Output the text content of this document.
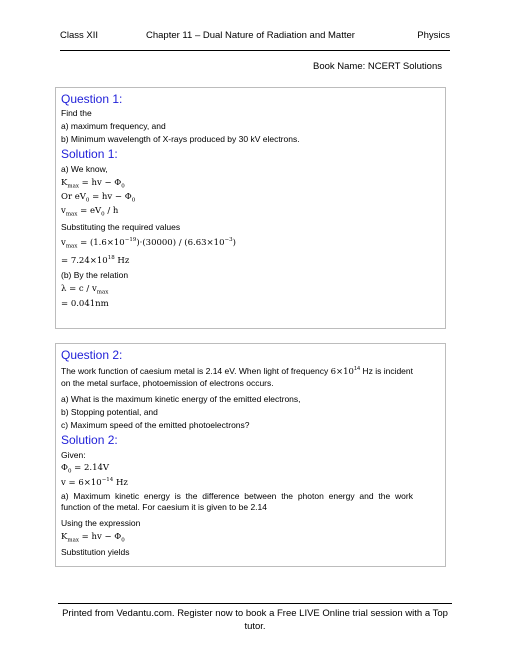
Class XII	Chapter 11 – Dual Nature of Radiation and Matter	Physics
Book Name: NCERT Solutions
Question 1:
Find the
a) maximum frequency, and
b) Minimum wavelength of X-rays produced by 30 kV electrons.
Solution 1:
a) We know,
$K_{max}$ = hv − $\Phi_0$
Or $eV_0$ = hv − $\Phi_0$
$v_{max} = eV_0 / h$
Substituting the required values
$v_{max} = (1.6\times 10^{-19})\cdot(30000) / (6.63\times 10^{-3})$
= $7.24\times 10^{18}$ Hz
(b) By the relation
$\lambda = c / v_{max}$
= 0.041nm
Question 2:
The work function of caesium metal is 2.14 eV. When light of frequency $6\times 10^{14}$ Hz is incident on the metal surface, photoemission of electrons occurs.
a) What is the maximum kinetic energy of the emitted electrons,
b) Stopping potential, and
c) Maximum speed of the emitted photoelectrons?
Solution 2:
Given:
$\Phi_0 = 2.14V$
$v = 6\times 10^{-14}$ Hz
a) Maximum kinetic energy is the difference between the photon energy and the work function of the metal. For caesium it is given to be 2.14
Using the expression
$K_{max}$ = hv − $\Phi_0$
Substitution yields
Printed from Vedantu.com. Register now to book a Free LIVE Online trial session with a Top tutor.
